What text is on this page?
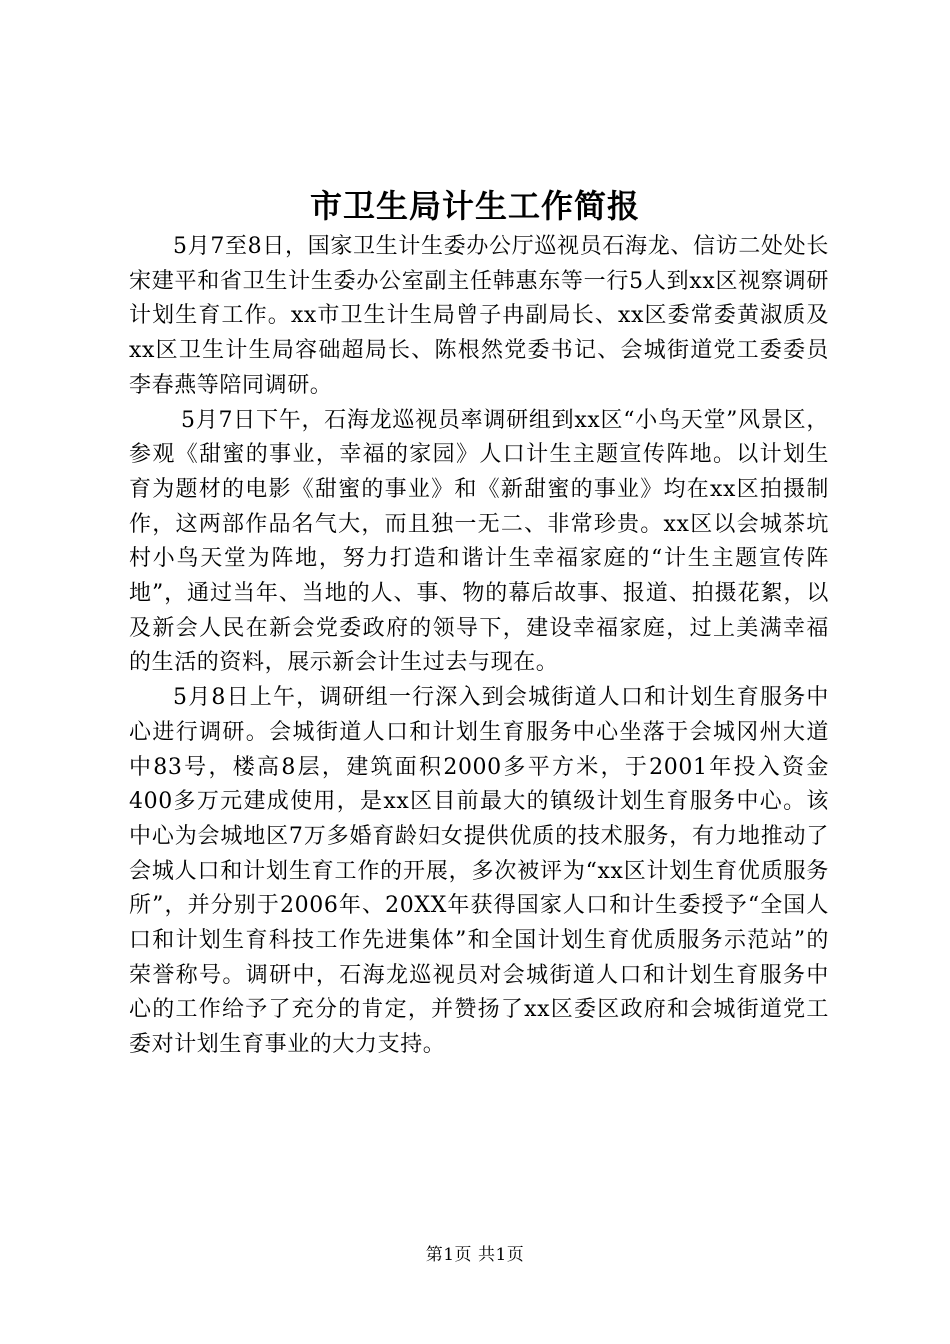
市卫生局计生工作简报

5月7至8日，国家卫生计生委办公厅巡视员石海龙、信访二处处长宋建平和省卫生计生委办公室副主任韩惠东等一行5人到xx区视察调研计划生育工作。xx市卫生计生局曾子冉副局长、xx区委常委黄淑质及xx区卫生计生局容础超局长、陈根然党委书记、会城街道党工委委员李春燕等陪同调研。

5月7日下午，石海龙巡视员率调研组到xx区“小鸟天堂”风景区，参观《甜蜜的事业，幸福的家园》人口计生主题宣传阵地。以计划生育为题材的电影《甜蜜的事业》和《新甜蜜的事业》均在xx区拍摄制作，这两部作品名气大，而且独一无二、非常珍贵。xx区以会城茶坑村小鸟天堂为阵地，努力打造和谐计生幸福家庭的“计生主题宣传阵地”，通过当年、当地的人、事、物的幕后故事、报道、拍摄花絮，以及新会人民在新会党委政府的领导下，建设幸福家庭，过上美满幸福的生活的资料，展示新会计生过去与现在。

5月8日上午，调研组一行深入到会城街道人口和计划生育服务中心进行调研。会城街道人口和计划生育服务中心坐落于会城冈州大道中83号，楼高8层，建筑面积2000多平方米，于2001年投入资金400多万元建成使用，是xx区目前最大的镇级计划生育服务中心。该中心为会城地区7万多婚育龄妇女提供优质的技术服务，有力地推动了会城人口和计划生育工作的开展，多次被评为“xx区计划生育优质服务所”，并分别于2006年、20XX年获得国家人口和计生委授予“全国人口和计划生育科技工作先进集体”和全国计划生育优质服务示范站”的荣誉称号。调研中，石海龙巡视员对会城街道人口和计划生育服务中心的工作给予了充分的肯定，并赞扬了xx区委区政府和会城街道党工委对计划生育事业的大力支持。

第1页 共1页
